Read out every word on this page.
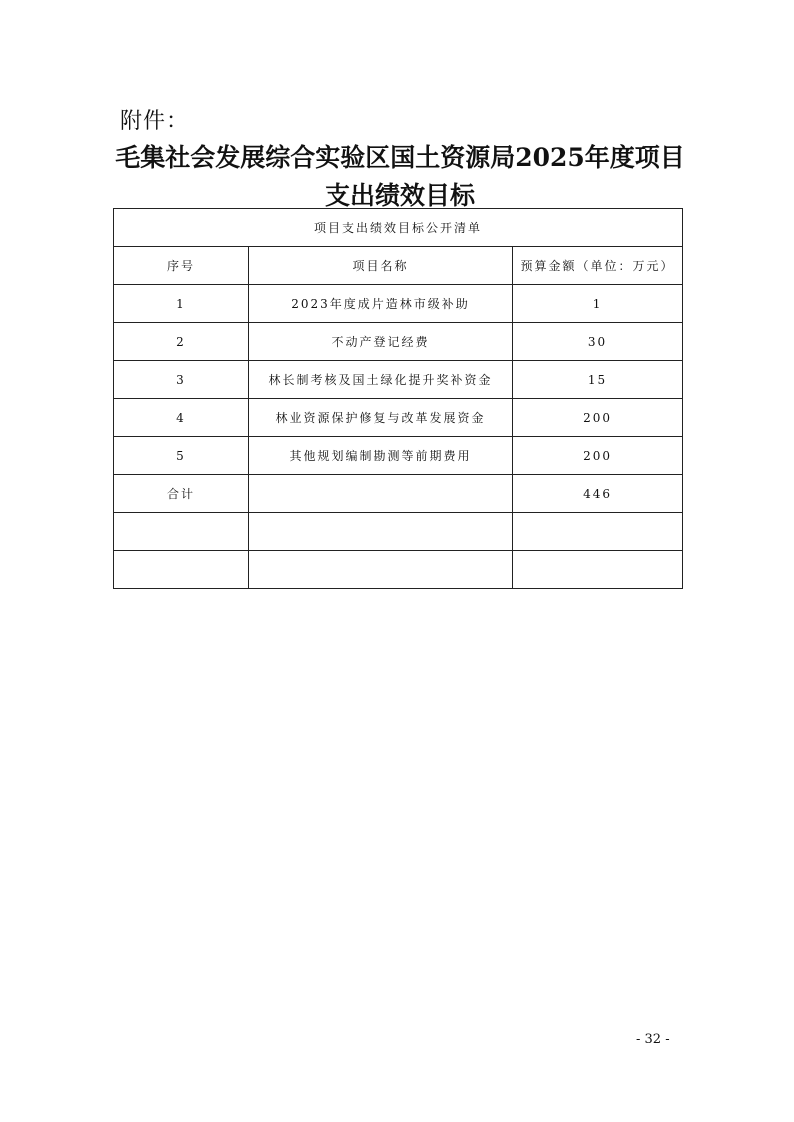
附件：
毛集社会发展综合实验区国土资源局2025年度项目
支出绩效目标
项目支出绩效目标公开清单		
序号	项目名称	预算金额（单位：万元）
1	2023年度成片造林市级补助	1
2	不动产登记经费	30
3	林长制考核及国土绿化提升奖补资金	15
4	林业资源保护修复与改革发展资金	200
5	其他规划编制勘测等前期费用	200
合计		446

- 32 -
